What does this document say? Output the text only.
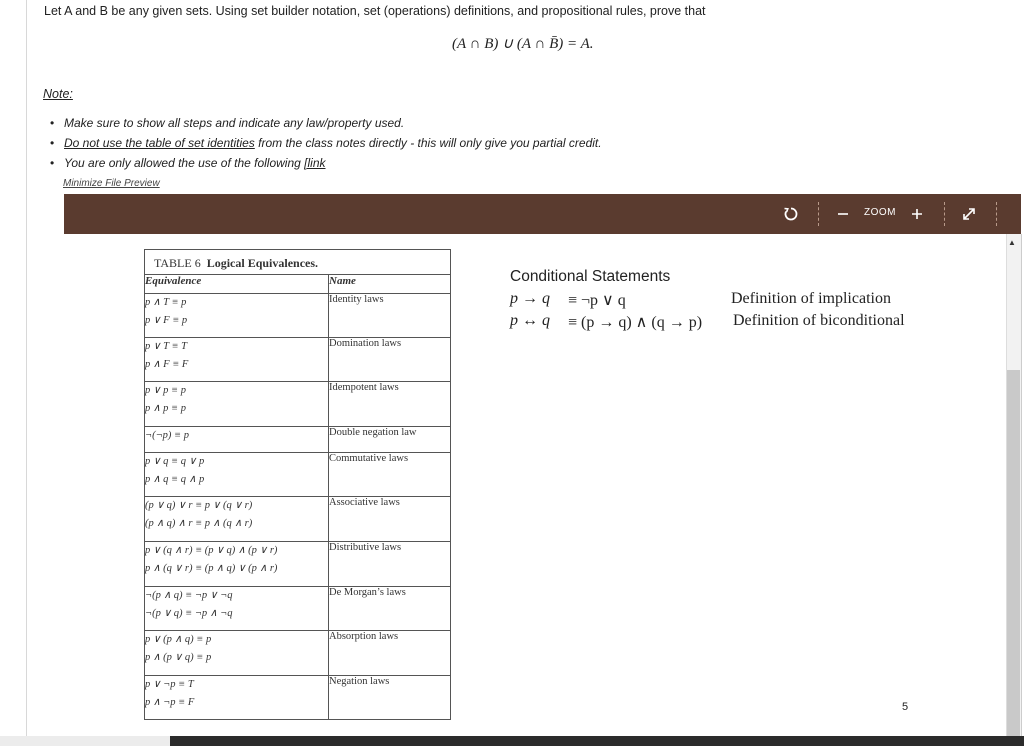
Let A and B be any given sets. Using set builder notation, set (operations) definitions, and propositional rules, prove that
(A ∩ B) ∪ (A ∩ B̄) = A.
Note:
• Make sure to show all steps and indicate any law/property used.
• Do not use the table of set identities from the class notes directly - this will only give you partial credit.
• You are only allowed the use of the following [link
Minimize File Preview
ZOOM
TABLE 6 Logical Equivalences.	

Equivalence	Name

p ∧ T ≡ p
p ∨ F ≡ p	Identity laws

p ∨ T ≡ T
p ∧ F ≡ F	Domination laws

p ∨ p ≡ p
p ∧ p ≡ p	Idempotent laws

¬(¬p) ≡ p	Double negation law

p ∨ q ≡ q ∨ p
p ∧ q ≡ q ∧ p	Commutative laws

(p ∨ q) ∨ r ≡ p ∨ (q ∨ r)
(p ∧ q) ∧ r ≡ p ∧ (q ∧ r)	Associative laws

p ∨ (q ∧ r) ≡ (p ∨ q) ∧ (p ∨ r)
p ∧ (q ∨ r) ≡ (p ∧ q) ∨ (p ∧ r)	Distributive laws

¬(p ∧ q) ≡ ¬p ∨ ¬q
¬(p ∨ q) ≡ ¬p ∧ ¬q	De Morgan’s laws

p ∨ (p ∧ q) ≡ p
p ∧ (p ∨ q) ≡ p	Absorption laws

p ∨ ¬p ≡ T
p ∧ ¬p ≡ F	Negation laws
Conditional Statements
p → q ≡ ¬p ∨ q	Definition of implication
p ↔ q ≡ (p → q) ∧ (q → p) Definition of biconditional
5
▲
